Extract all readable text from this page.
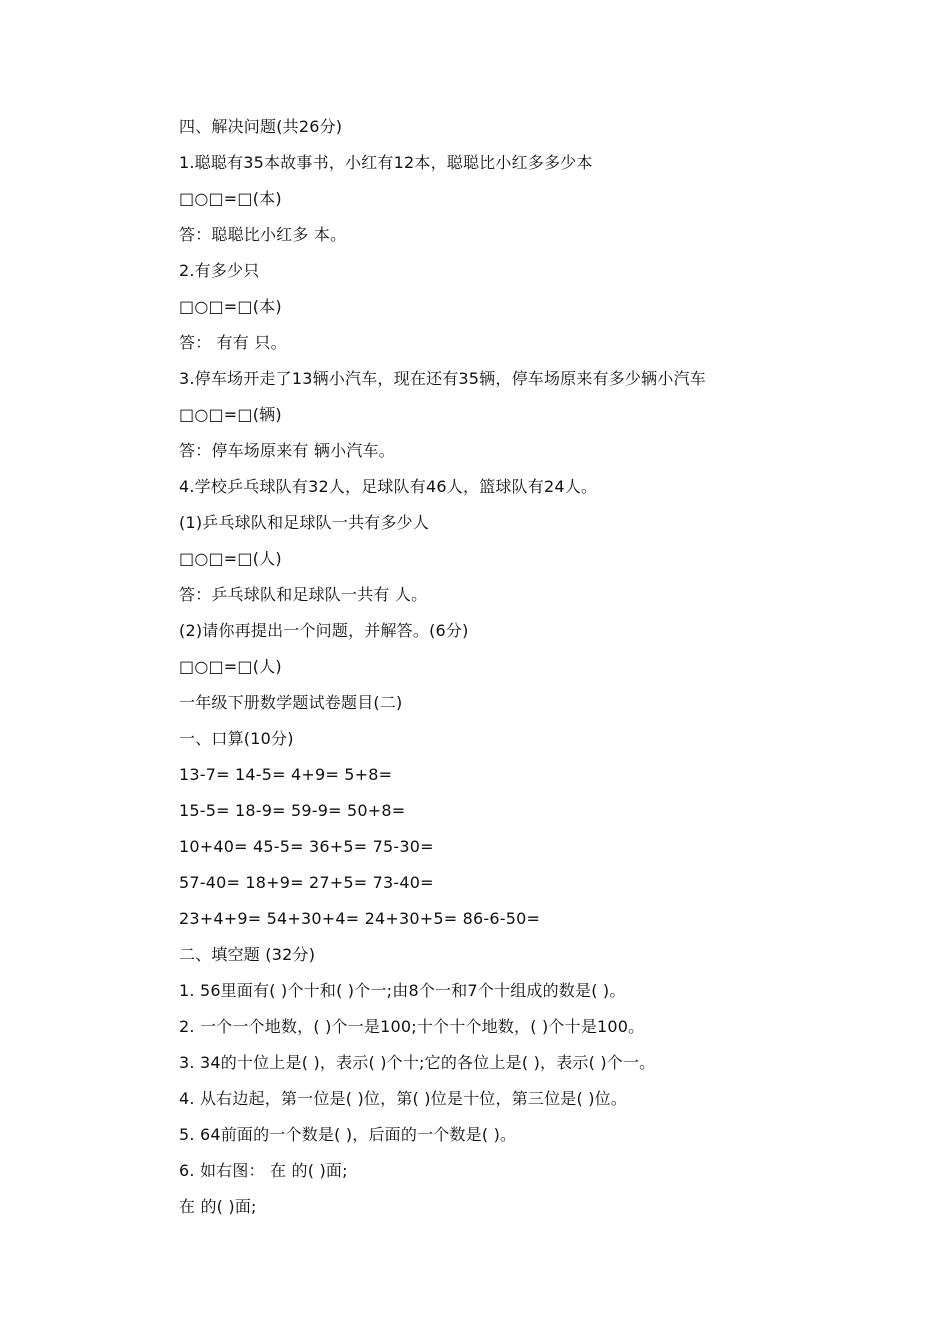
四、解决问题(共26分)
1.聪聪有35本故事书，小红有12本，聪聪比小红多多少本
□○□=□(本)
答：聪聪比小红多 本。
2.有多少只
□○□=□(本)
答： 有有 只。
3.停车场开走了13辆小汽车，现在还有35辆，停车场原来有多少辆小汽车
□○□=□(辆)
答：停车场原来有 辆小汽车。
4.学校乒乓球队有32人，足球队有46人，篮球队有24人。
(1)乒乓球队和足球队一共有多少人
□○□=□(人)
答：乒乓球队和足球队一共有 人。
(2)请你再提出一个问题，并解答。(6分)
□○□=□(人)
一年级下册数学题试卷题目(二)
一、口算(10分)
13-7= 14-5= 4+9= 5+8=
15-5= 18-9= 59-9= 50+8=
10+40= 45-5= 36+5= 75-30=
57-40= 18+9= 27+5= 73-40=
23+4+9= 54+30+4= 24+30+5= 86-6-50=
二、填空题 (32分)
1. 56里面有( )个十和( )个一;由8个一和7个十组成的数是( )。
2. 一个一个地数，( )个一是100;十个十个地数，( )个十是100。
3. 34的十位上是( )，表示( )个十;它的各位上是( )，表示( )个一。
4. 从右边起，第一位是( )位，第( )位是十位，第三位是( )位。
5. 64前面的一个数是( )，后面的一个数是( )。
6. 如右图： 在 的( )面;
在 的( )面;
